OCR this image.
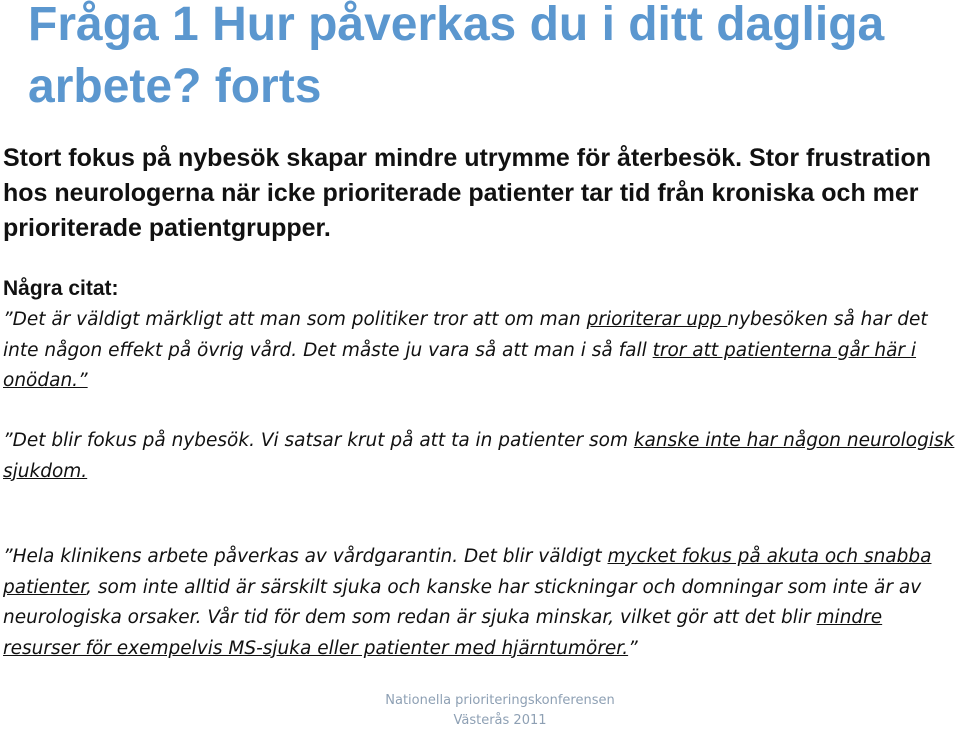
Fråga 1 Hur påverkas du i ditt dagliga arbete? forts

Stort fokus på nybesök skapar mindre utrymme för återbesök. Stor frustration hos neurologerna när icke prioriterade patienter tar tid från kroniska och mer prioriterade patientgrupper.

Några citat:

”Det är väldigt märkligt att man som politiker tror att om man prioriterar upp nybesöken så har det inte någon effekt på övrig vård. Det måste ju vara så att man i så fall tror att patienterna går här i onödan.”

”Det blir fokus på nybesök. Vi satsar krut på att ta in patienter som kanske inte har någon neurologisk sjukdom.

”Hela klinikens arbete påverkas av vårdgarantin. Det blir väldigt mycket fokus på akuta och snabba patienter, som inte alltid är särskilt sjuka och kanske har stickningar och domningar som inte är av neurologiska orsaker. Vår tid för dem som redan är sjuka minskar, vilket gör att det blir mindre resurser för exempelvis MS-sjuka eller patienter med hjärntumörer.”

Nationella prioriteringskonferensen
Västerås 2011
